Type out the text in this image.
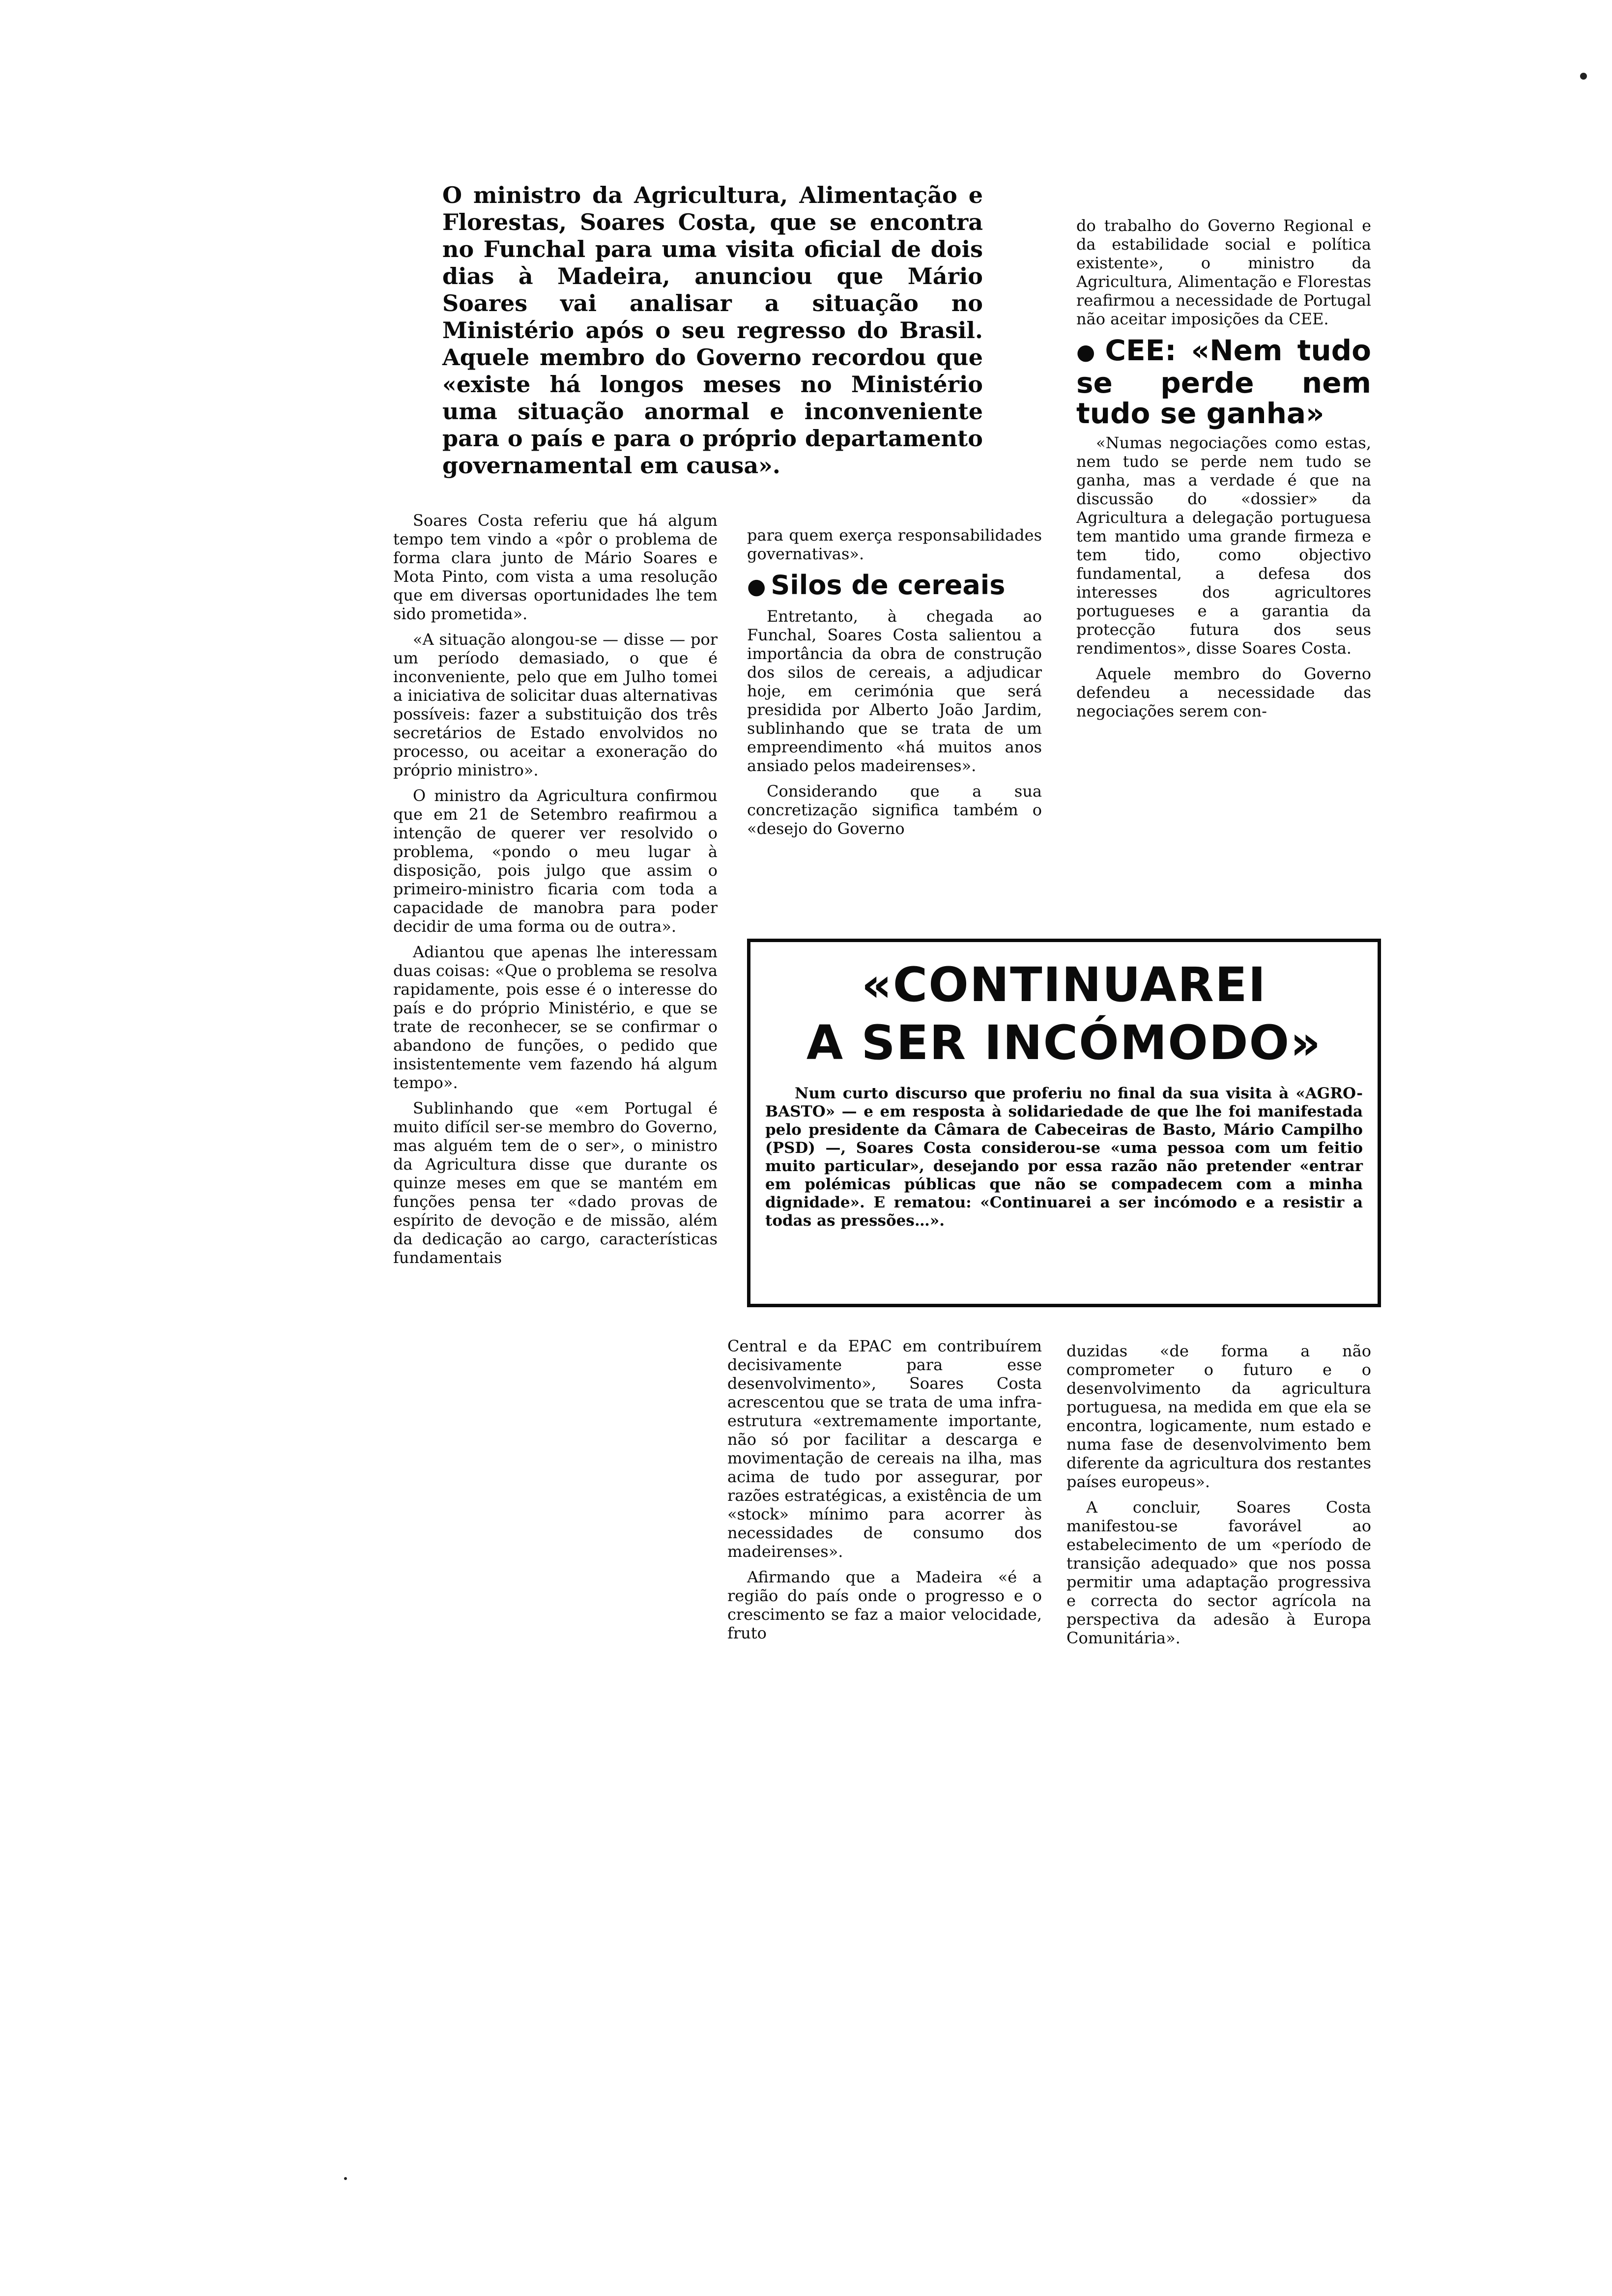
O ministro da Agricultura, Alimentação e Florestas, Soares Costa, que se encontra no Funchal para uma visita oficial de dois dias à Madeira, anunciou que Mário Soares vai analisar a situação no Ministério após o seu regresso do Brasil. Aquele membro do Governo recordou que «existe há longos meses no Ministério uma situação anormal e inconveniente para o país e para o próprio departamento governamental em causa».

Soares Costa referiu que há algum tempo tem vindo a «pôr o problema de forma clara junto de Mário Soares e Mota Pinto, com vista a uma resolução que em diversas oportunidades lhe tem sido prometida».

«A situação alongou-se — disse — por um período demasiado, o que é inconveniente, pelo que em Julho tomei a iniciativa de solicitar duas alternativas possíveis: fazer a substituição dos três secretários de Estado envolvidos no processo, ou aceitar a exoneração do próprio ministro».

O ministro da Agricultura confirmou que em 21 de Setembro reafirmou a intenção de querer ver resolvido o problema, «pondo o meu lugar à disposição, pois julgo que assim o primeiro-ministro ficaria com toda a capacidade de manobra para poder decidir de uma forma ou de outra».

Adiantou que apenas lhe interessam duas coisas: «Que o problema se resolva rapidamente, pois esse é o interesse do país e do próprio Ministério, e que se trate de reconhecer, se se confirmar o abandono de funções, o pedido que insistentemente vem fazendo há algum tempo».

Sublinhando que «em Portugal é muito difícil ser-se membro do Governo, mas alguém tem de o ser», o ministro da Agricultura disse que durante os quinze meses em que se mantém em funções pensa ter «dado provas de espírito de devoção e de missão, além da dedicação ao cargo, características fundamentais

para quem exerça responsabilidades governativas».

● Silos de cereais

Entretanto, à chegada ao Funchal, Soares Costa salientou a importância da obra de construção dos silos de cereais, a adjudicar hoje, em cerimónia que será presidida por Alberto João Jardim, sublinhando que se trata de um empreendimento «há muitos anos ansiado pelos madeirenses».

Considerando que a sua concretização significa também o «desejo do Governo

do trabalho do Governo Regional e da estabilidade social e política existente», o ministro da Agricultura, Alimentação e Florestas reafirmou a necessidade de Portugal não aceitar imposições da CEE.

● CEE: «Nem tudo se perde nem tudo se ganha»

«Numas negociações como estas, nem tudo se perde nem tudo se ganha, mas a verdade é que na discussão do «dossier» da Agricultura a delegação portuguesa tem mantido uma grande firmeza e tem tido, como objectivo fundamental, a defesa dos interesses dos agricultores portugueses e a garantia da protecção futura dos seus rendimentos», disse Soares Costa.

Aquele membro do Governo defendeu a necessidade das negociações serem con-

«CONTINUAREI
A SER INCÓMODO»
Num curto discurso que proferiu no final da sua visita à «AGRO-BASTO» — e em resposta à solidariedade de que lhe foi manifestada pelo presidente da Câmara de Cabeceiras de Basto, Mário Campilho (PSD) —, Soares Costa considerou-se «uma pessoa com um feitio muito particular», desejando por essa razão não pretender «entrar em polémicas públicas que não se compadecem com a minha dignidade». E rematou: «Continuarei a ser incómodo e a resistir a todas as pressões…».

Central e da EPAC em contribuírem decisivamente para esse desenvolvimento», Soares Costa acrescentou que se trata de uma infra-estrutura «extremamente importante, não só por facilitar a descarga e movimentação de cereais na ilha, mas acima de tudo por assegurar, por razões estratégicas, a existência de um «stock» mínimo para acorrer às necessidades de consumo dos madeirenses».

Afirmando que a Madeira «é a região do país onde o progresso e o crescimento se faz a maior velocidade, fruto

duzidas «de forma a não comprometer o futuro e o desenvolvimento da agricultura portuguesa, na medida em que ela se encontra, logicamente, num estado e numa fase de desenvolvimento bem diferente da agricultura dos restantes países europeus».

A concluir, Soares Costa manifestou-se favorável ao estabelecimento de um «período de transição adequado» que nos possa permitir uma adaptação progressiva e correcta do sector agrícola na perspectiva da adesão à Europa Comunitária».
